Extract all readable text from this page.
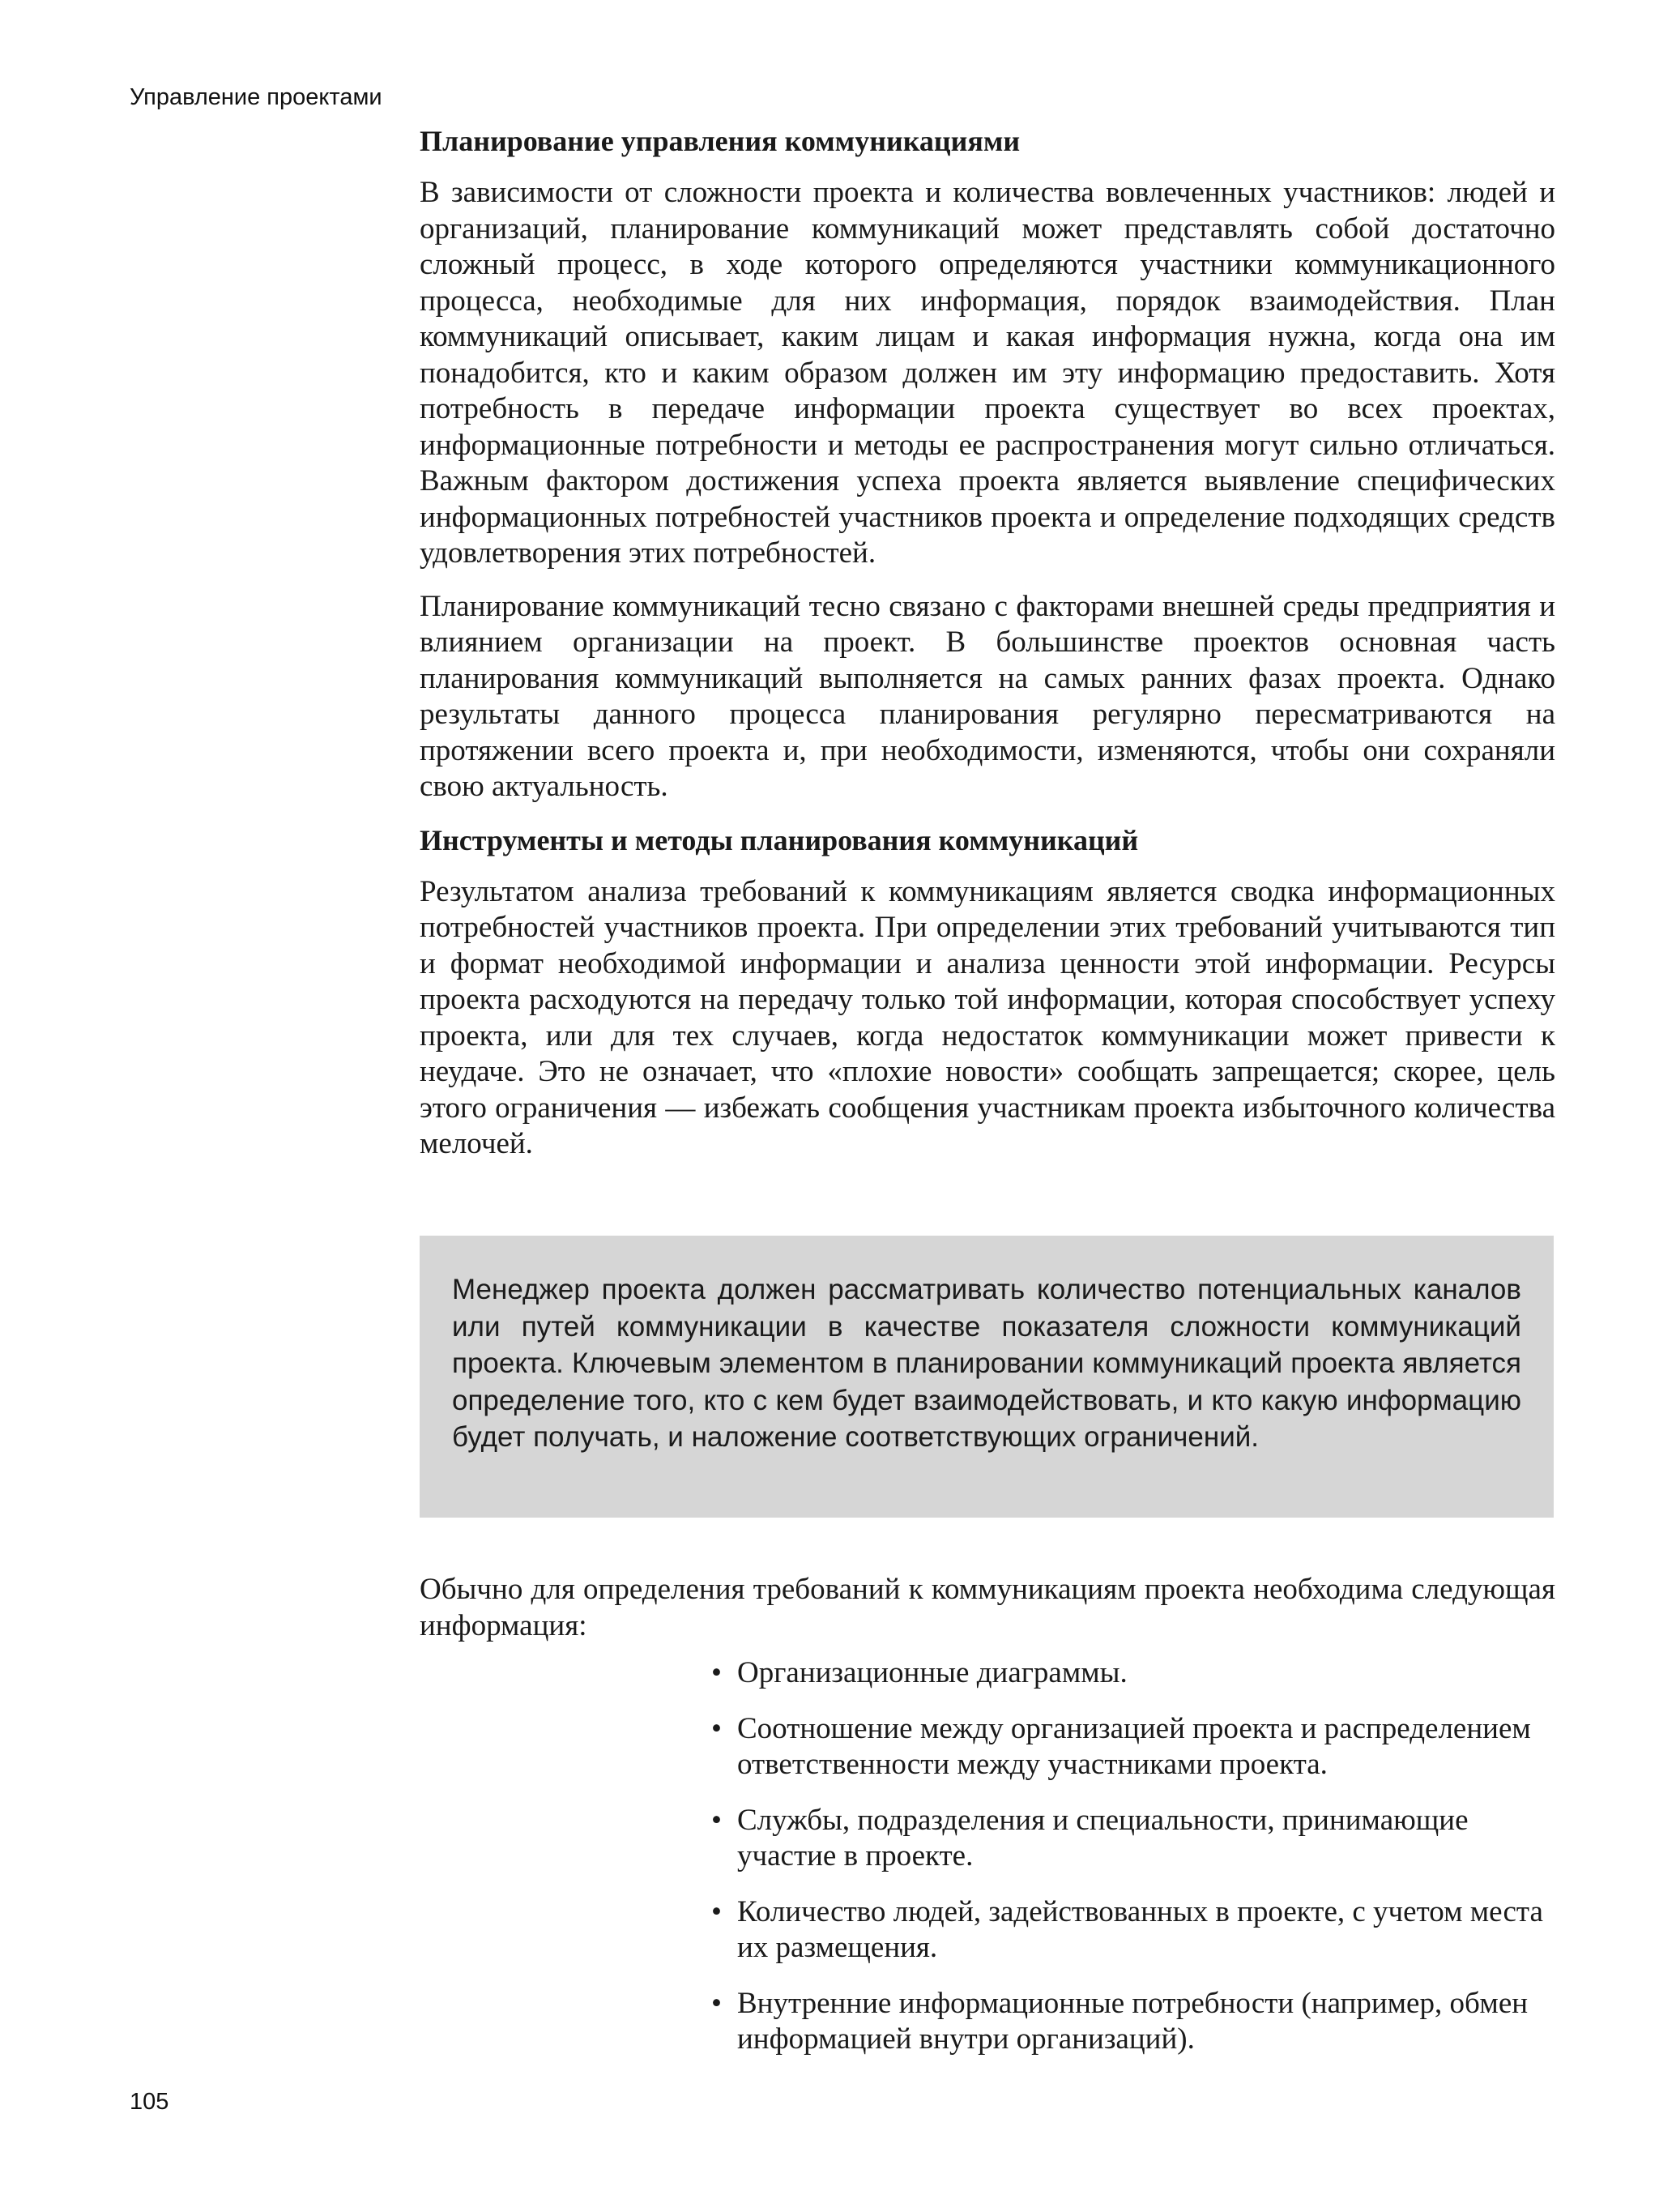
Управление проектами
Планирование управления коммуникациями

В зависимости от сложности проекта и количества вовлеченных участников: людей и организаций, планирование коммуникаций может представлять собой достаточно сложный процесс, в ходе которого определяются участники коммуникационного процесса, необходимые для них информация, порядок взаимодействия. План коммуникаций описывает, каким лицам и какая информация нужна, когда она им понадобится, кто и каким образом должен им эту информацию предоставить. Хотя потребность в передаче информации проекта существует во всех проектах, информационные потребности и методы ее распространения могут сильно отличаться. Важным фактором достижения успеха проекта является выявление специфических информационных потребностей участников проекта и определение подходящих средств удовлетворения этих потребностей.

Планирование коммуникаций тесно связано с факторами внешней среды предприятия и влиянием организации на проект. В большинстве проектов основная часть планирования коммуникаций выполняется на самых ранних фазах проекта. Однако результаты данного процесса планирования регулярно пересматриваются на протяжении всего проекта и, при необходимости, изменяются, чтобы они сохраняли свою актуальность.

Инструменты и методы планирования коммуникаций

Результатом анализа требований к коммуникациям является сводка информационных потребностей участников проекта. При определении этих требований учитываются тип и формат необходимой информации и анализа ценности этой информации. Ресурсы проекта расходуются на передачу только той информации, которая способствует успеху проекта, или для тех случаев, когда недостаток коммуникации может привести к неудаче. Это не означает, что «плохие новости» сообщать запрещается; скорее, цель этого ограничения — избежать сообщения участникам проекта избыточного количества мелочей.

Менеджер проекта должен рассматривать количество потенциальных каналов или путей коммуникации в качестве показателя сложности коммуникаций проекта. Ключевым элементом в планировании коммуникаций проекта является определение того, кто с кем будет взаимодействовать, и кто какую информацию будет получать, и наложение соответствующих ограничений.

Обычно для определения требований к коммуникациям проекта необходима следующая информация:

• Организационные диаграммы.
• Соотношение между организацией проекта и распределением ответственности между участниками проекта.
• Службы, подразделения и специальности, принимающие участие в проекте.
• Количество людей, задействованных в проекте, с учетом места их размещения.
• Внутренние информационные потребности (например, обмен информацией внутри организаций).
105
